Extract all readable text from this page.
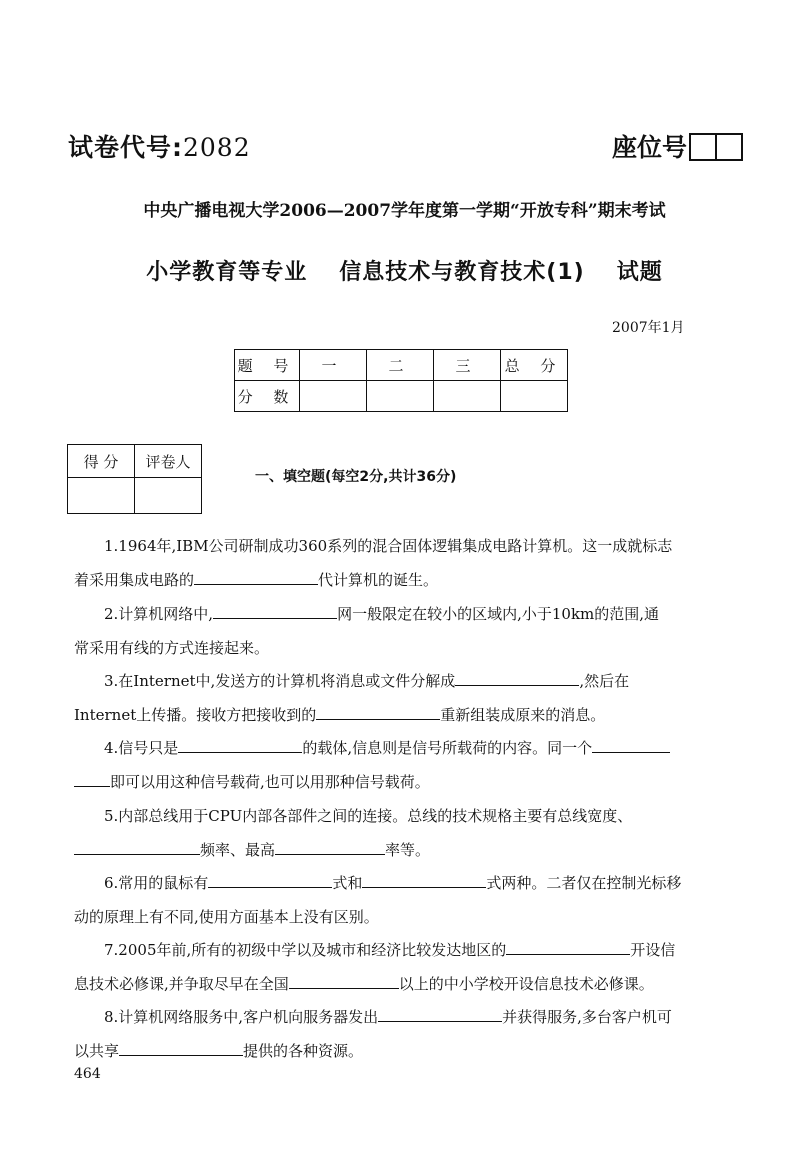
试卷代号:2082	座位号
中央广播电视大学2006—2007学年度第一学期“开放专科”期末考试
小学教育等专业 信息技术与教育技术(1) 试题
2007年1月
题 号	一	二	三	总 分
分 数				
得 分	评卷人

一、填空题(每空2分,共计36分)
1.1964年,IBM公司研制成功360系列的混合固体逻辑集成电路计算机。这一成就标志
着采用集成电路的	代计算机的诞生。
2.计算机网络中,	网一般限定在较小的区域内,小于10km的范围,通
常采用有线的方式连接起来。
3.在Internet中,发送方的计算机将消息或文件分解成	,然后在
Internet上传播。接收方把接收到的	重新组装成原来的消息。
4.信号只是	的载体,信息则是信号所载荷的内容。同一个
即可以用这种信号载荷,也可以用那种信号载荷。
5.内部总线用于CPU内部各部件之间的连接。总线的技术规格主要有总线宽度、
频率、最高	率等。
6.常用的鼠标有	式和	式两种。二者仅在控制光标移
动的原理上有不同,使用方面基本上没有区别。
7.2005年前,所有的初级中学以及城市和经济比较发达地区的	开设信
息技术必修课,并争取尽早在全国	以上的中小学校开设信息技术必修课。
8.计算机网络服务中,客户机向服务器发出	并获得服务,多台客户机可
以共享	提供的各种资源。
464
